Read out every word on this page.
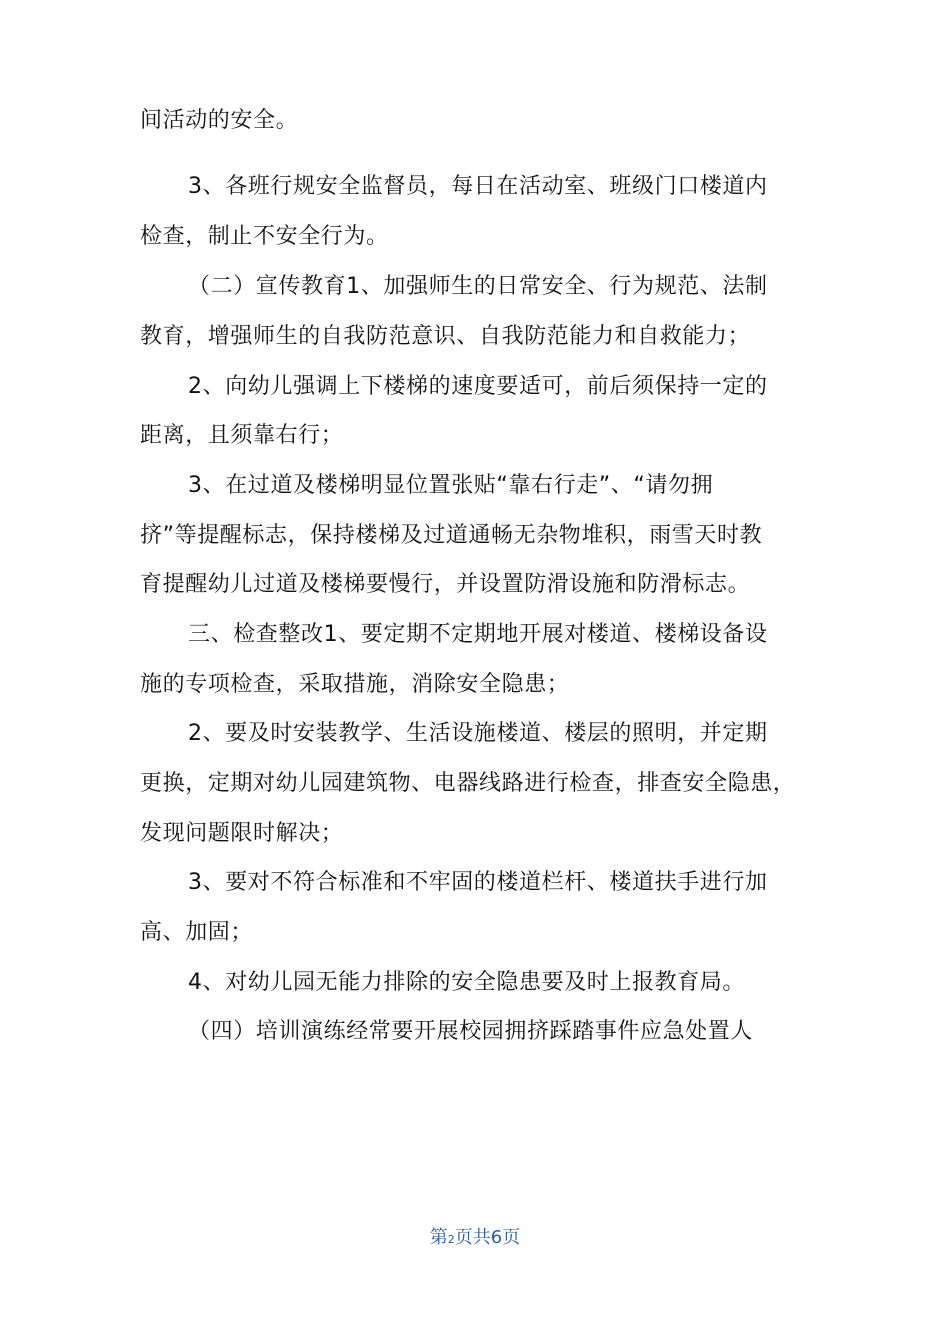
间活动的安全。
3、各班行规安全监督员，每日在活动室、班级门口楼道内
检查，制止不安全行为。
（二）宣传教育1、加强师生的日常安全、行为规范、法制
教育，增强师生的自我防范意识、自我防范能力和自救能力；
2、向幼儿强调上下楼梯的速度要适可，前后须保持一定的
距离，且须靠右行；
3、在过道及楼梯明显位置张贴“靠右行走”、“请勿拥
挤”等提醒标志，保持楼梯及过道通畅无杂物堆积，雨雪天时教
育提醒幼儿过道及楼梯要慢行，并设置防滑设施和防滑标志。
三、检查整改1、要定期不定期地开展对楼道、楼梯设备设
施的专项检查，采取措施，消除安全隐患；
2、要及时安装教学、生活设施楼道、楼层的照明，并定期
更换，定期对幼儿园建筑物、电器线路进行检查，排查安全隐患，
发现问题限时解决；
3、要对不符合标准和不牢固的楼道栏杆、楼道扶手进行加
高、加固；
4、对幼儿园无能力排除的安全隐患要及时上报教育局。
（四）培训演练经常要开展校园拥挤踩踏事件应急处置人
第2页共6页
